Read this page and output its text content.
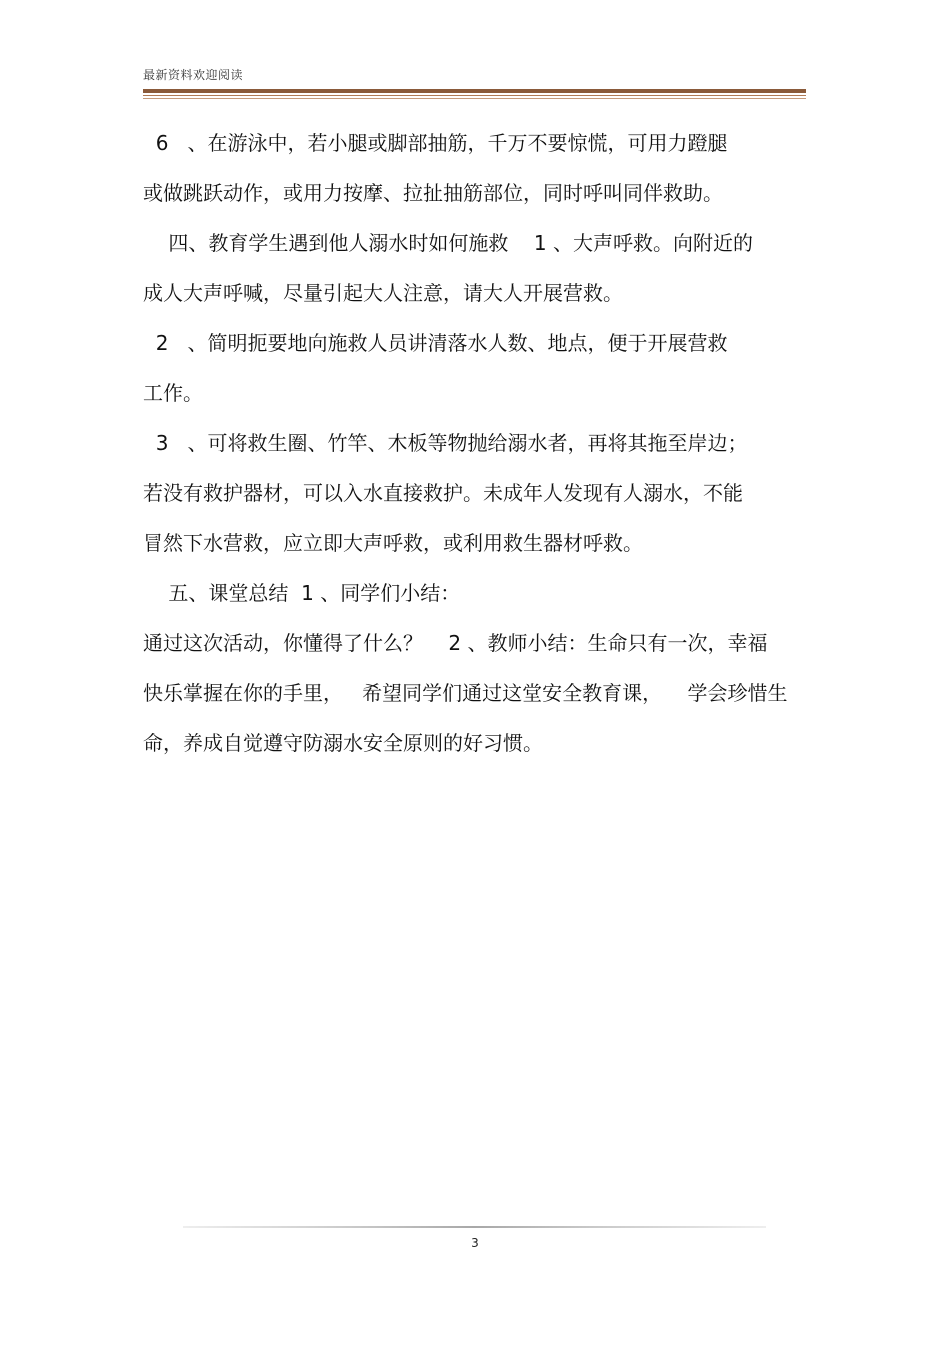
最新资料欢迎阅读
6   、在游泳中，若小腿或脚部抽筋，千万不要惊慌，可用力蹬腿
或做跳跃动作，或用力按摩、拉扯抽筋部位，同时呼叫同伴救助。
四、教育学生遇到他人溺水时如何施救    1 、大声呼救。向附近的
成人大声呼喊，尽量引起大人注意，请大人开展营救。
2   、简明扼要地向施救人员讲清落水人数、地点，便于开展营救
工作。
3   、可将救生圈、竹竿、木板等物抛给溺水者，再将其拖至岸边；
若没有救护器材，可以入水直接救护。未成年人发现有人溺水，不能
冒然下水营救，应立即大声呼救，或利用救生器材呼救。
五、课堂总结  1 、同学们小结：
通过这次活动，你懂得了什么？    2 、教师小结：生命只有一次，幸福
快乐掌握在你的手里，   希望同学们通过这堂安全教育课，    学会珍惜生
命，养成自觉遵守防溺水安全原则的好习惯。
3
